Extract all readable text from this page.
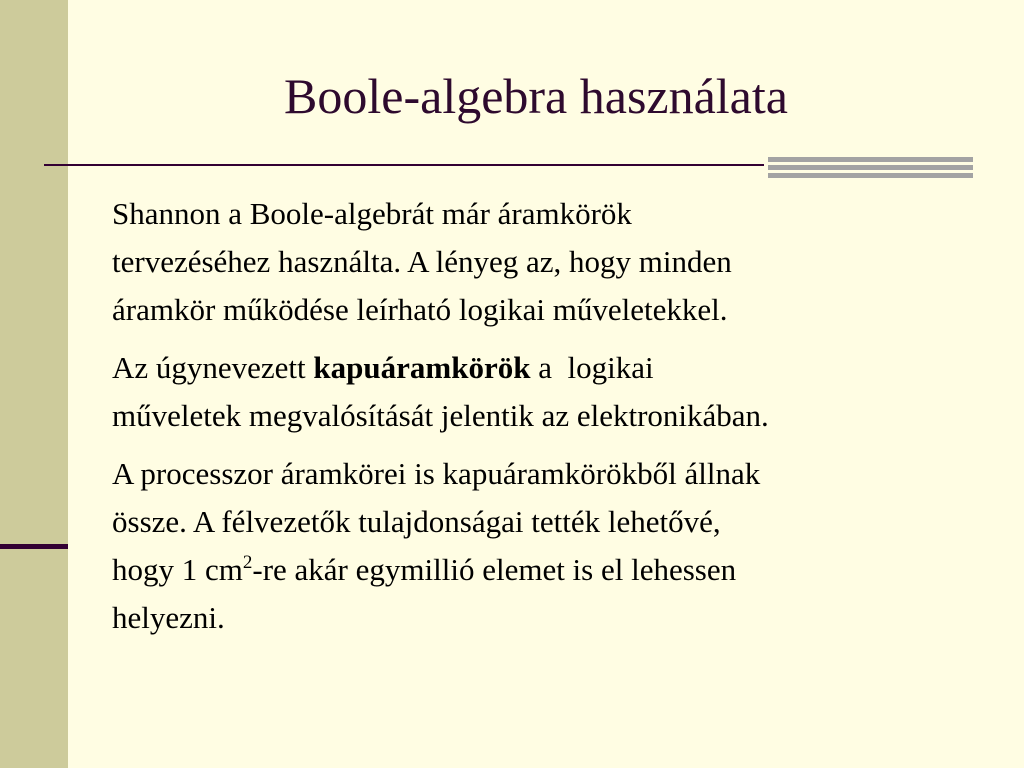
Boole-algebra használata

Shannon a Boole-algebrát már áramkörök
tervezéséhez használta. A lényeg az, hogy minden
áramkör működése leírható logikai műveletekkel.

Az úgynevezett kapuáramkörök a  logikai
műveletek megvalósítását jelentik az elektronikában.

A processzor áramkörei is kapuáramkörökből állnak
össze. A félvezetők tulajdonságai tették lehetővé,
hogy 1 $cm^2-re$ akár egymillió elemet is el lehessen
helyezni.
